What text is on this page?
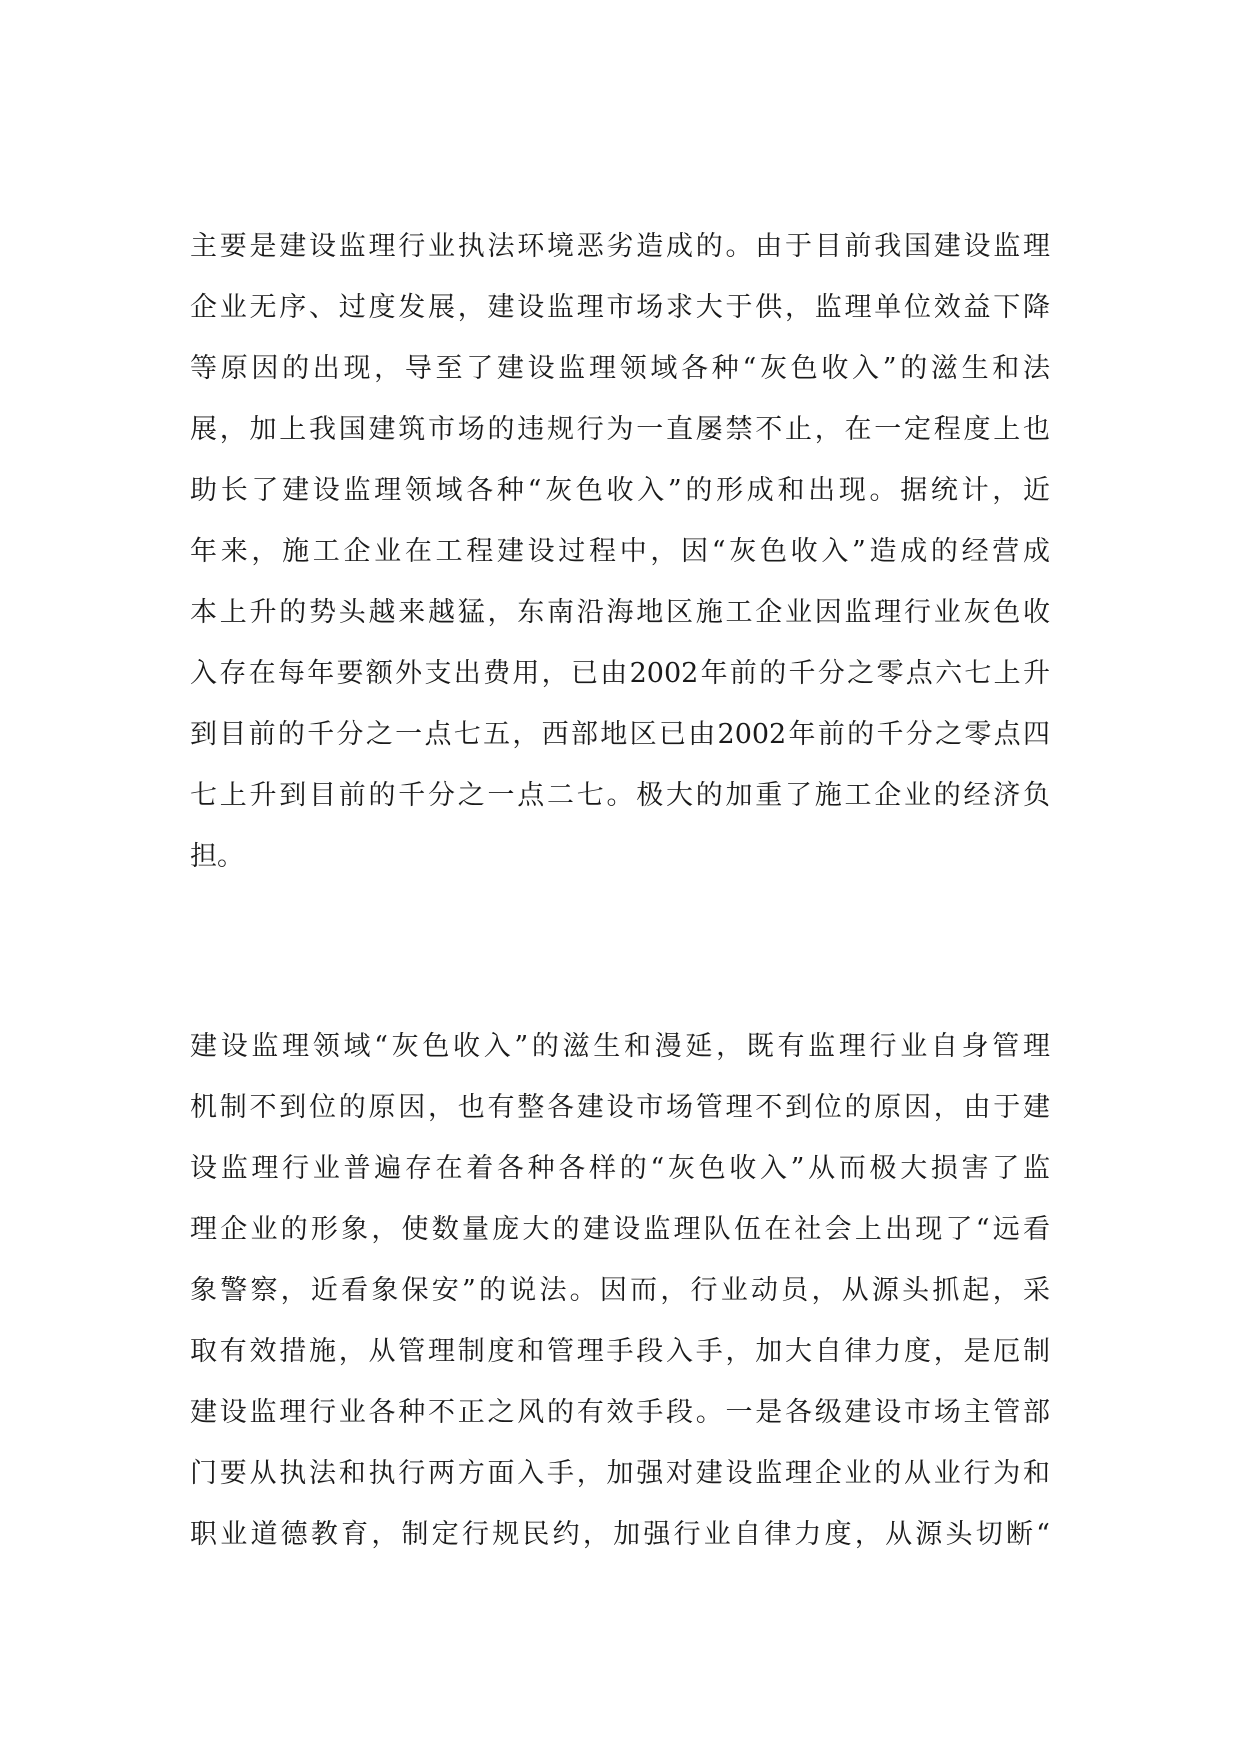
主要是建设监理行业执法环境恶劣造成的。由于目前我国建设监理
企业无序、过度发展，建设监理市场求大于供，监理单位效益下降
等原因的出现，导至了建设监理领域各种“灰色收入”的滋生和法
展，加上我国建筑市场的违规行为一直屡禁不止，在一定程度上也
助长了建设监理领域各种“灰色收入”的形成和出现。据统计，近
年来，施工企业在工程建设过程中，因“灰色收入”造成的经营成
本上升的势头越来越猛，东南沿海地区施工企业因监理行业灰色收
入存在每年要额外支出费用，已由2002年前的千分之零点六七上升
到目前的千分之一点七五，西部地区已由2002年前的千分之零点四
七上升到目前的千分之一点二七。极大的加重了施工企业的经济负
担。
建设监理领域“灰色收入”的滋生和漫延，既有监理行业自身管理
机制不到位的原因，也有整各建设市场管理不到位的原因，由于建
设监理行业普遍存在着各种各样的“灰色收入”从而极大损害了监
理企业的形象，使数量庞大的建设监理队伍在社会上出现了“远看
象警察，近看象保安”的说法。因而，行业动员，从源头抓起，采
取有效措施，从管理制度和管理手段入手，加大自律力度，是厄制
建设监理行业各种不正之风的有效手段。一是各级建设市场主管部
门要从执法和执行两方面入手，加强对建设监理企业的从业行为和
职业道德教育，制定行规民约，加强行业自律力度，从源头切断“
